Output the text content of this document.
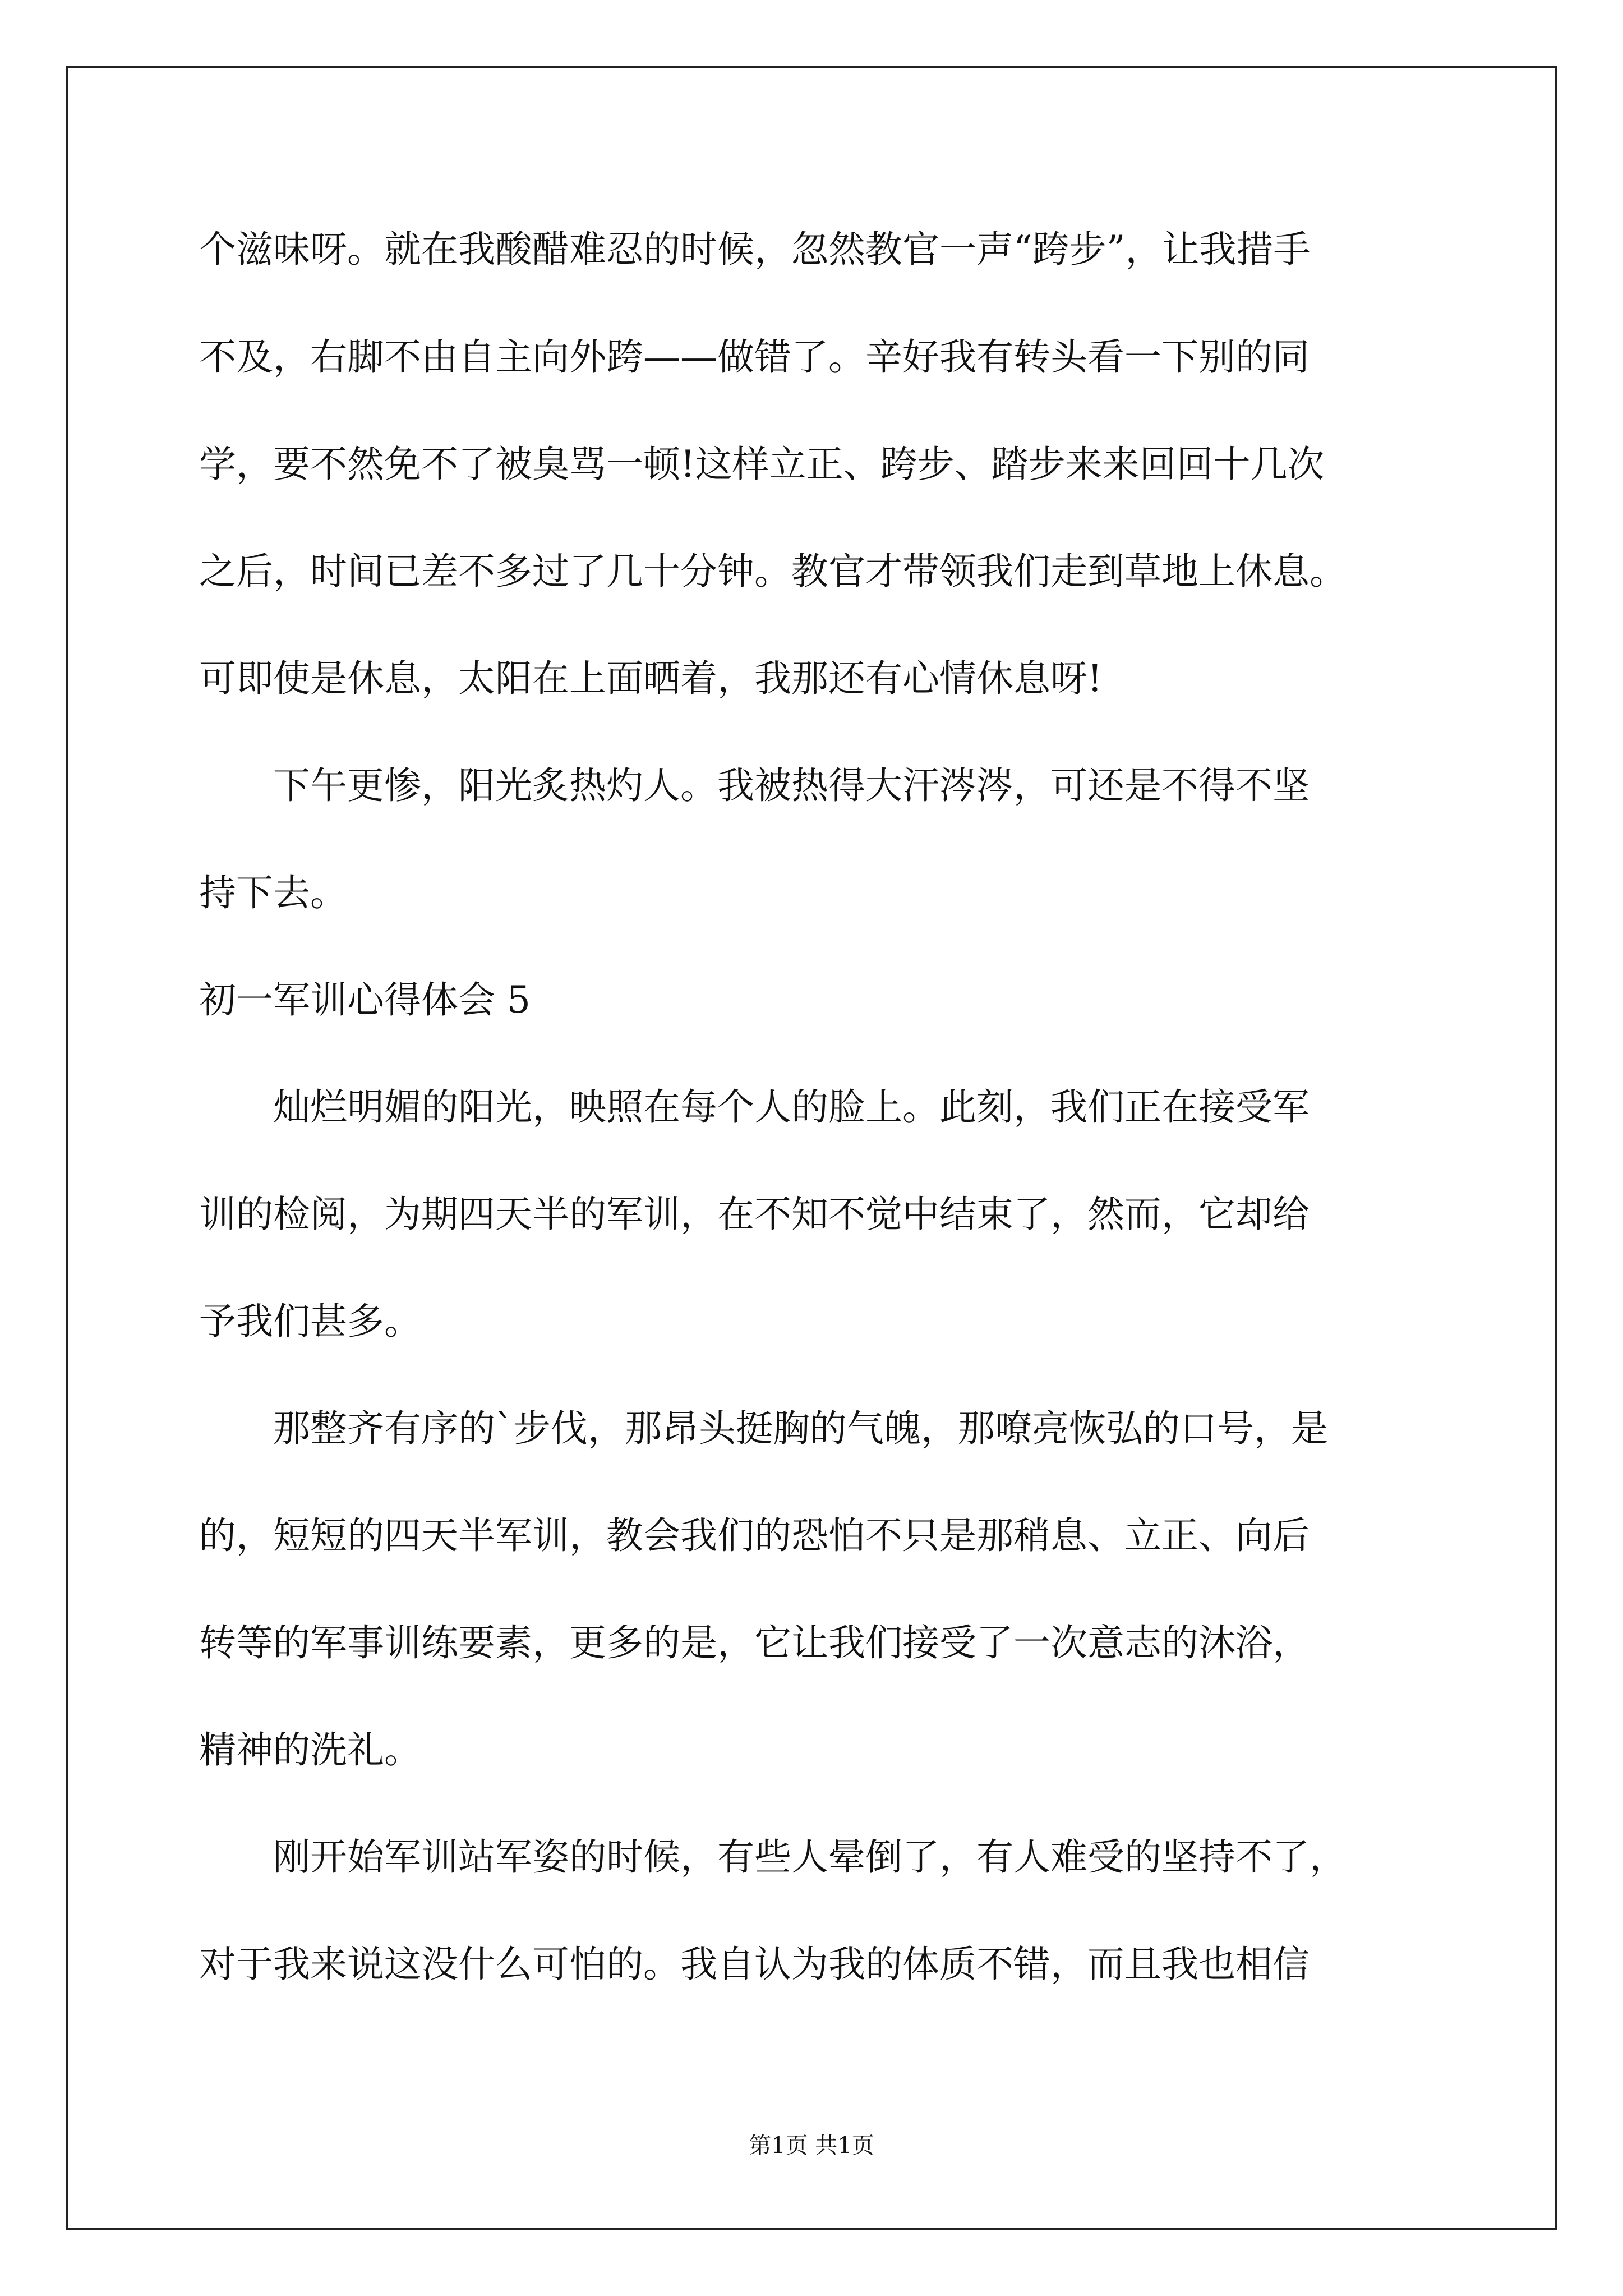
个滋味呀。就在我酸醋难忍的时候，忽然教官一声“跨步”，让我措手
不及，右脚不由自主向外跨——做错了。辛好我有转头看一下别的同
学，要不然免不了被臭骂一顿!这样立正、跨步、踏步来来回回十几次
之后，时间已差不多过了几十分钟。教官才带领我们走到草地上休息。
可即使是休息，太阳在上面晒着，我那还有心情休息呀!
下午更惨，阳光炙热灼人。我被热得大汗涔涔，可还是不得不坚
持下去。
初一军训心得体会 5
灿烂明媚的阳光，映照在每个人的脸上。此刻，我们正在接受军
训的检阅，为期四天半的军训，在不知不觉中结束了，然而，它却给
予我们甚多。
那整齐有序的`步伐，那昂头挺胸的气魄，那嘹亮恢弘的口号，是
的，短短的四天半军训，教会我们的恐怕不只是那稍息、立正、向后
转等的军事训练要素，更多的是，它让我们接受了一次意志的沐浴，
精神的洗礼。
刚开始军训站军姿的时候，有些人晕倒了，有人难受的坚持不了，
对于我来说这没什么可怕的。我自认为我的体质不错，而且我也相信
第1页 共1页
